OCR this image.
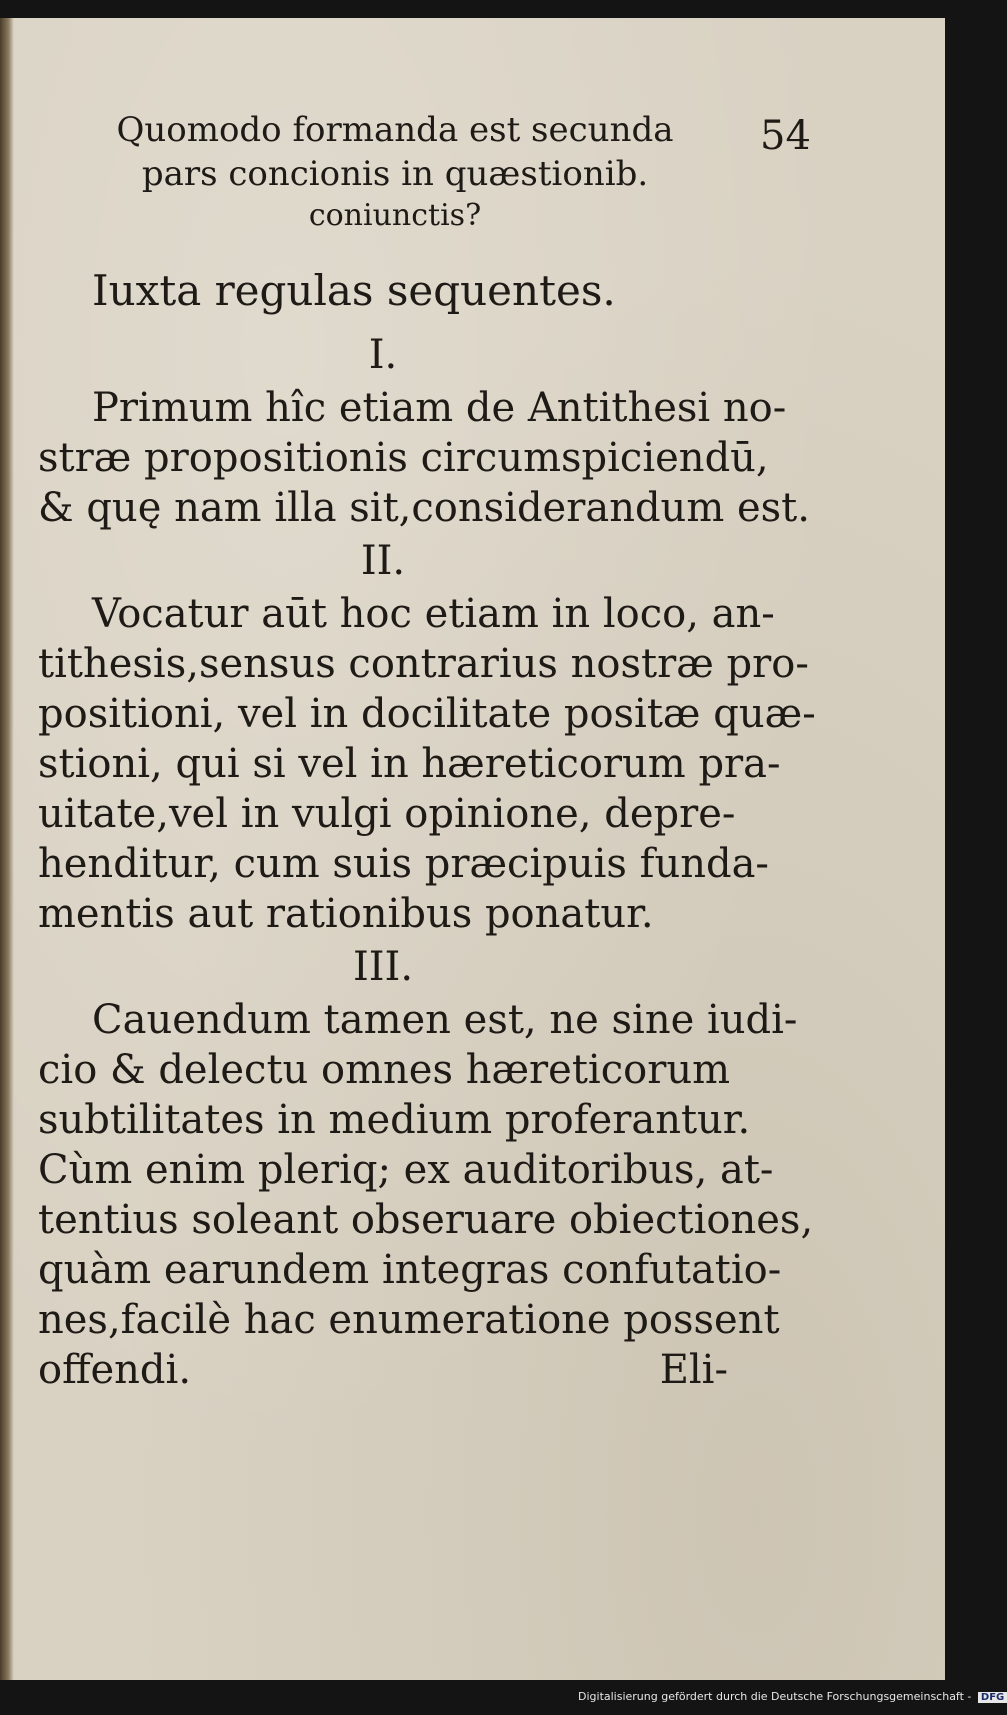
Quomodo formanda est secunda
pars concionis in quæstionib.
coniunctis?
54
Iuxta regulas sequentes.
I.
Primum hîc etiam de Antithesi no-
stræ propositionis circumspiciendū,
& quę nam illa sit,considerandum est.
II.
Vocatur aūt hoc etiam in loco, an-
tithesis,sensus contrarius nostræ pro-
positioni, vel in docilitate positæ quæ-
stioni, qui si vel in hæreticorum pra-
uitate,vel in vulgi opinione, depre-
henditur, cum suis præcipuis funda-
mentis aut rationibus ponatur.
III.
Cauendum tamen est, ne sine iudi-
cio & delectu omnes hæreticorum
subtilitates in medium proferantur.
Cùm enim pleriq; ex auditoribus, at-
tentius soleant obseruare obiectiones,
quàm earundem integras confutatio-
nes,facilè hac enumeratione possent
offendi.	Eli-
Digitalisierung gefördert durch die Deutsche Forschungsgemeinschaft - DFG
